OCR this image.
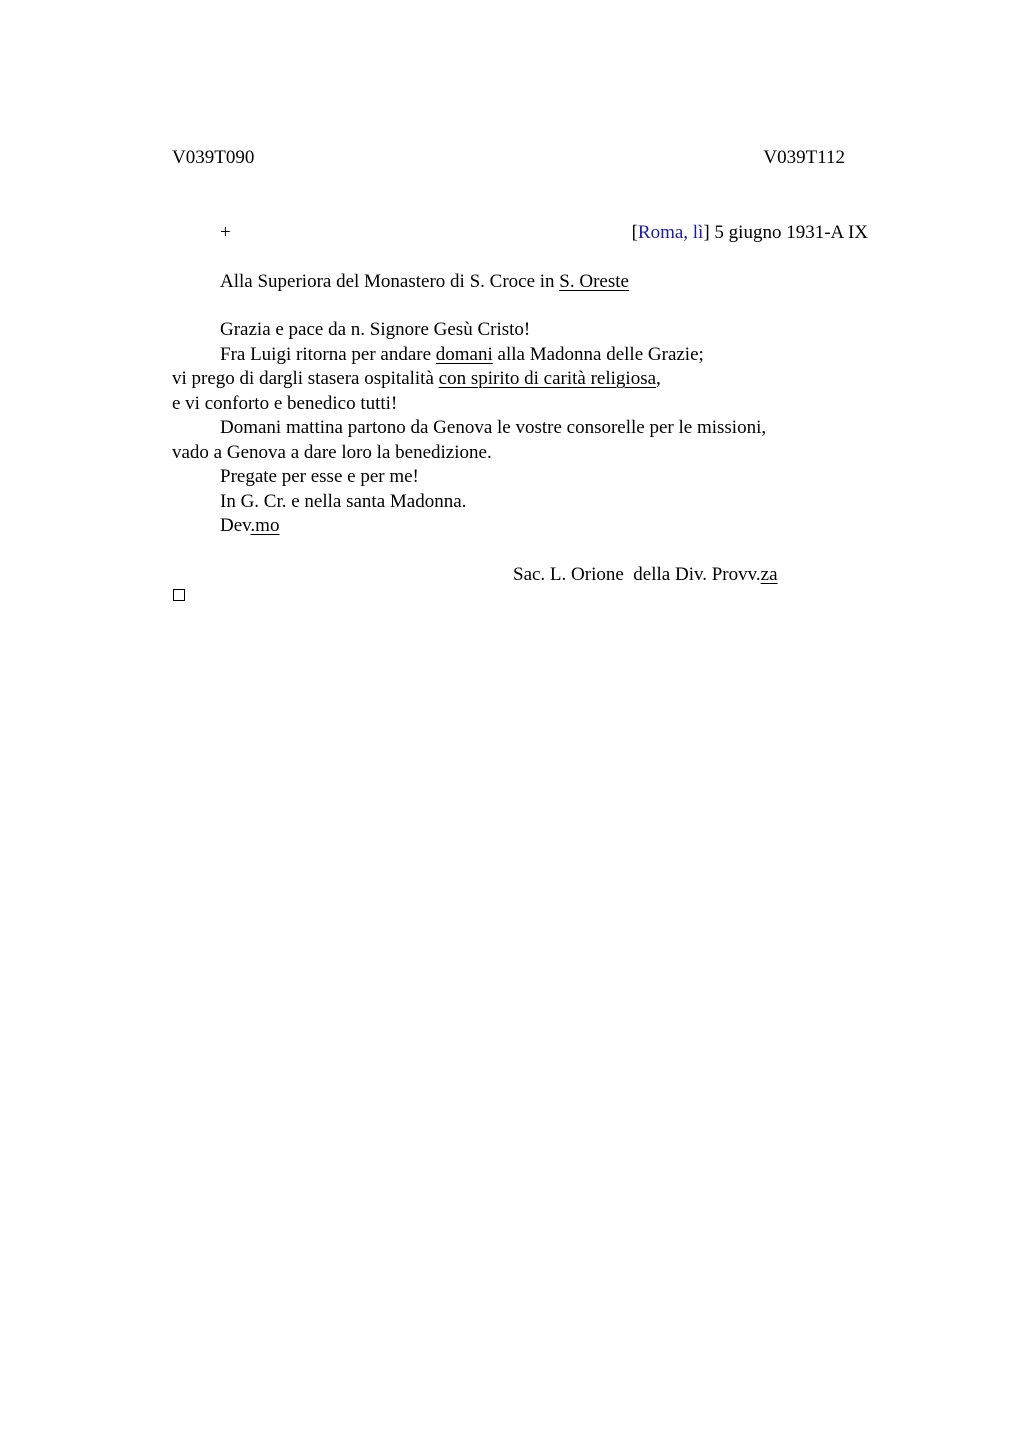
V039T090	V039T112
+	[Roma, lì] 5 giugno 1931-A IX
Alla Superiora del Monastero di S. Croce in S. Oreste
Grazia e pace da n. Signore Gesù Cristo!
Fra Luigi ritorna per andare domani alla Madonna delle Grazie;
vi prego di dargli stasera ospitalità con spirito di carità religiosa,
e vi conforto e benedico tutti!
Domani mattina partono da Genova le vostre consorelle per le missioni,
vado a Genova a dare loro la benedizione.
Pregate per esse e per me!
In G. Cr. e nella santa Madonna.
Dev.mo
Sac. L. Orione  della Div. Provv.za
